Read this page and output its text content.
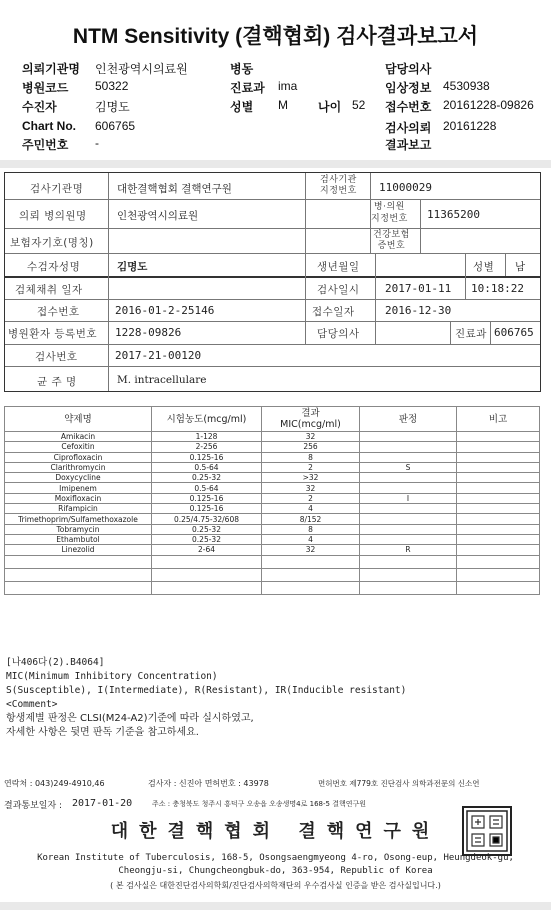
NTM Sensitivity (결핵협회) 검사결과보고서
의뢰기관명 인천광역시의료원	병동	담당의사
병원코드 50322	진료과 ima	임상정보 4530938
수진자	김명도	성별 M	나이 52 접수번호 20161228-09826
Chart No. 606765	검사의뢰 20161228
주민번호 -	결과보고
검사기관명	대한결핵협회 결핵연구원
검사기관
지정번호 11000029
의뢰 병의원명	인천광역시의료원
병·의원
지정번호 11365200
보험자기호(명칭)
건강보험
증번호
수검자성명	김명도	생년월일	성별 남
검체채취 일자	검사일시 2017-01-11 10:18:22
접수번호	2016-01-2-25146	접수일자	2016-12-30
병원환자 등록번호 1228-09826	담당의사	진료과 606765
검사번호	2017-21-00120
균 주 명	M. intracellulare
약제명	시험농도(mcg/ml)	결과
MIC(mcg/ml)	판정	비고
Amikacin	1-128	32		
Cefoxitin	2-256	256		
Ciprofloxacin	0.125-16	8		
Clarithromycin	0.5-64	2	S	
Doxycycline	0.25-32	>32		
Imipenem	0.5-64	32		
Moxifloxacin	0.125-16	2	I	
Rifampicin	0.125-16	4		
Trimethoprim/Sulfamethoxazole	0.25/4.75-32/608	8/152		
Tobramycin	0.25-32	8		
Ethambutol	0.25-32	4		
Linezolid	2-64	32	R	

[나406다(2).B4064]
MIC(Minimum Inhibitory Concentration)
S(Susceptible), I(Intermediate), R(Resistant), IR(Inducible resistant)
<Comment>
항생제별 판정은 CLSI(M24-A2)기준에 따라 실시하였고,
자세한 사항은 뒷면 판독 기준을 참고하세요.
연락처 : 043)249-4910,46	검사자 : 신진아 면허번호 : 43978	면허번호 제779호 진단검사 의학과전문의 신소연
결과통보일자 : 2017-01-20	주소 : 충청북도 청주시 흥덕구 오송읍 오송생명4로 168-5 결핵연구원
대한결핵협회 결핵연구원
Korean Institute of Tuberculosis, 168-5, Osongsaengmyeong 4-ro, Osong-eup, Heungdeok-gu,
Cheongju-si, Chungcheongbuk-do, 363-954, Republic of Korea
( 본 검사실은 대한진단검사의학회/진단검사의학재단의 우수검사실 인증을 받은 검사실입니다.)
